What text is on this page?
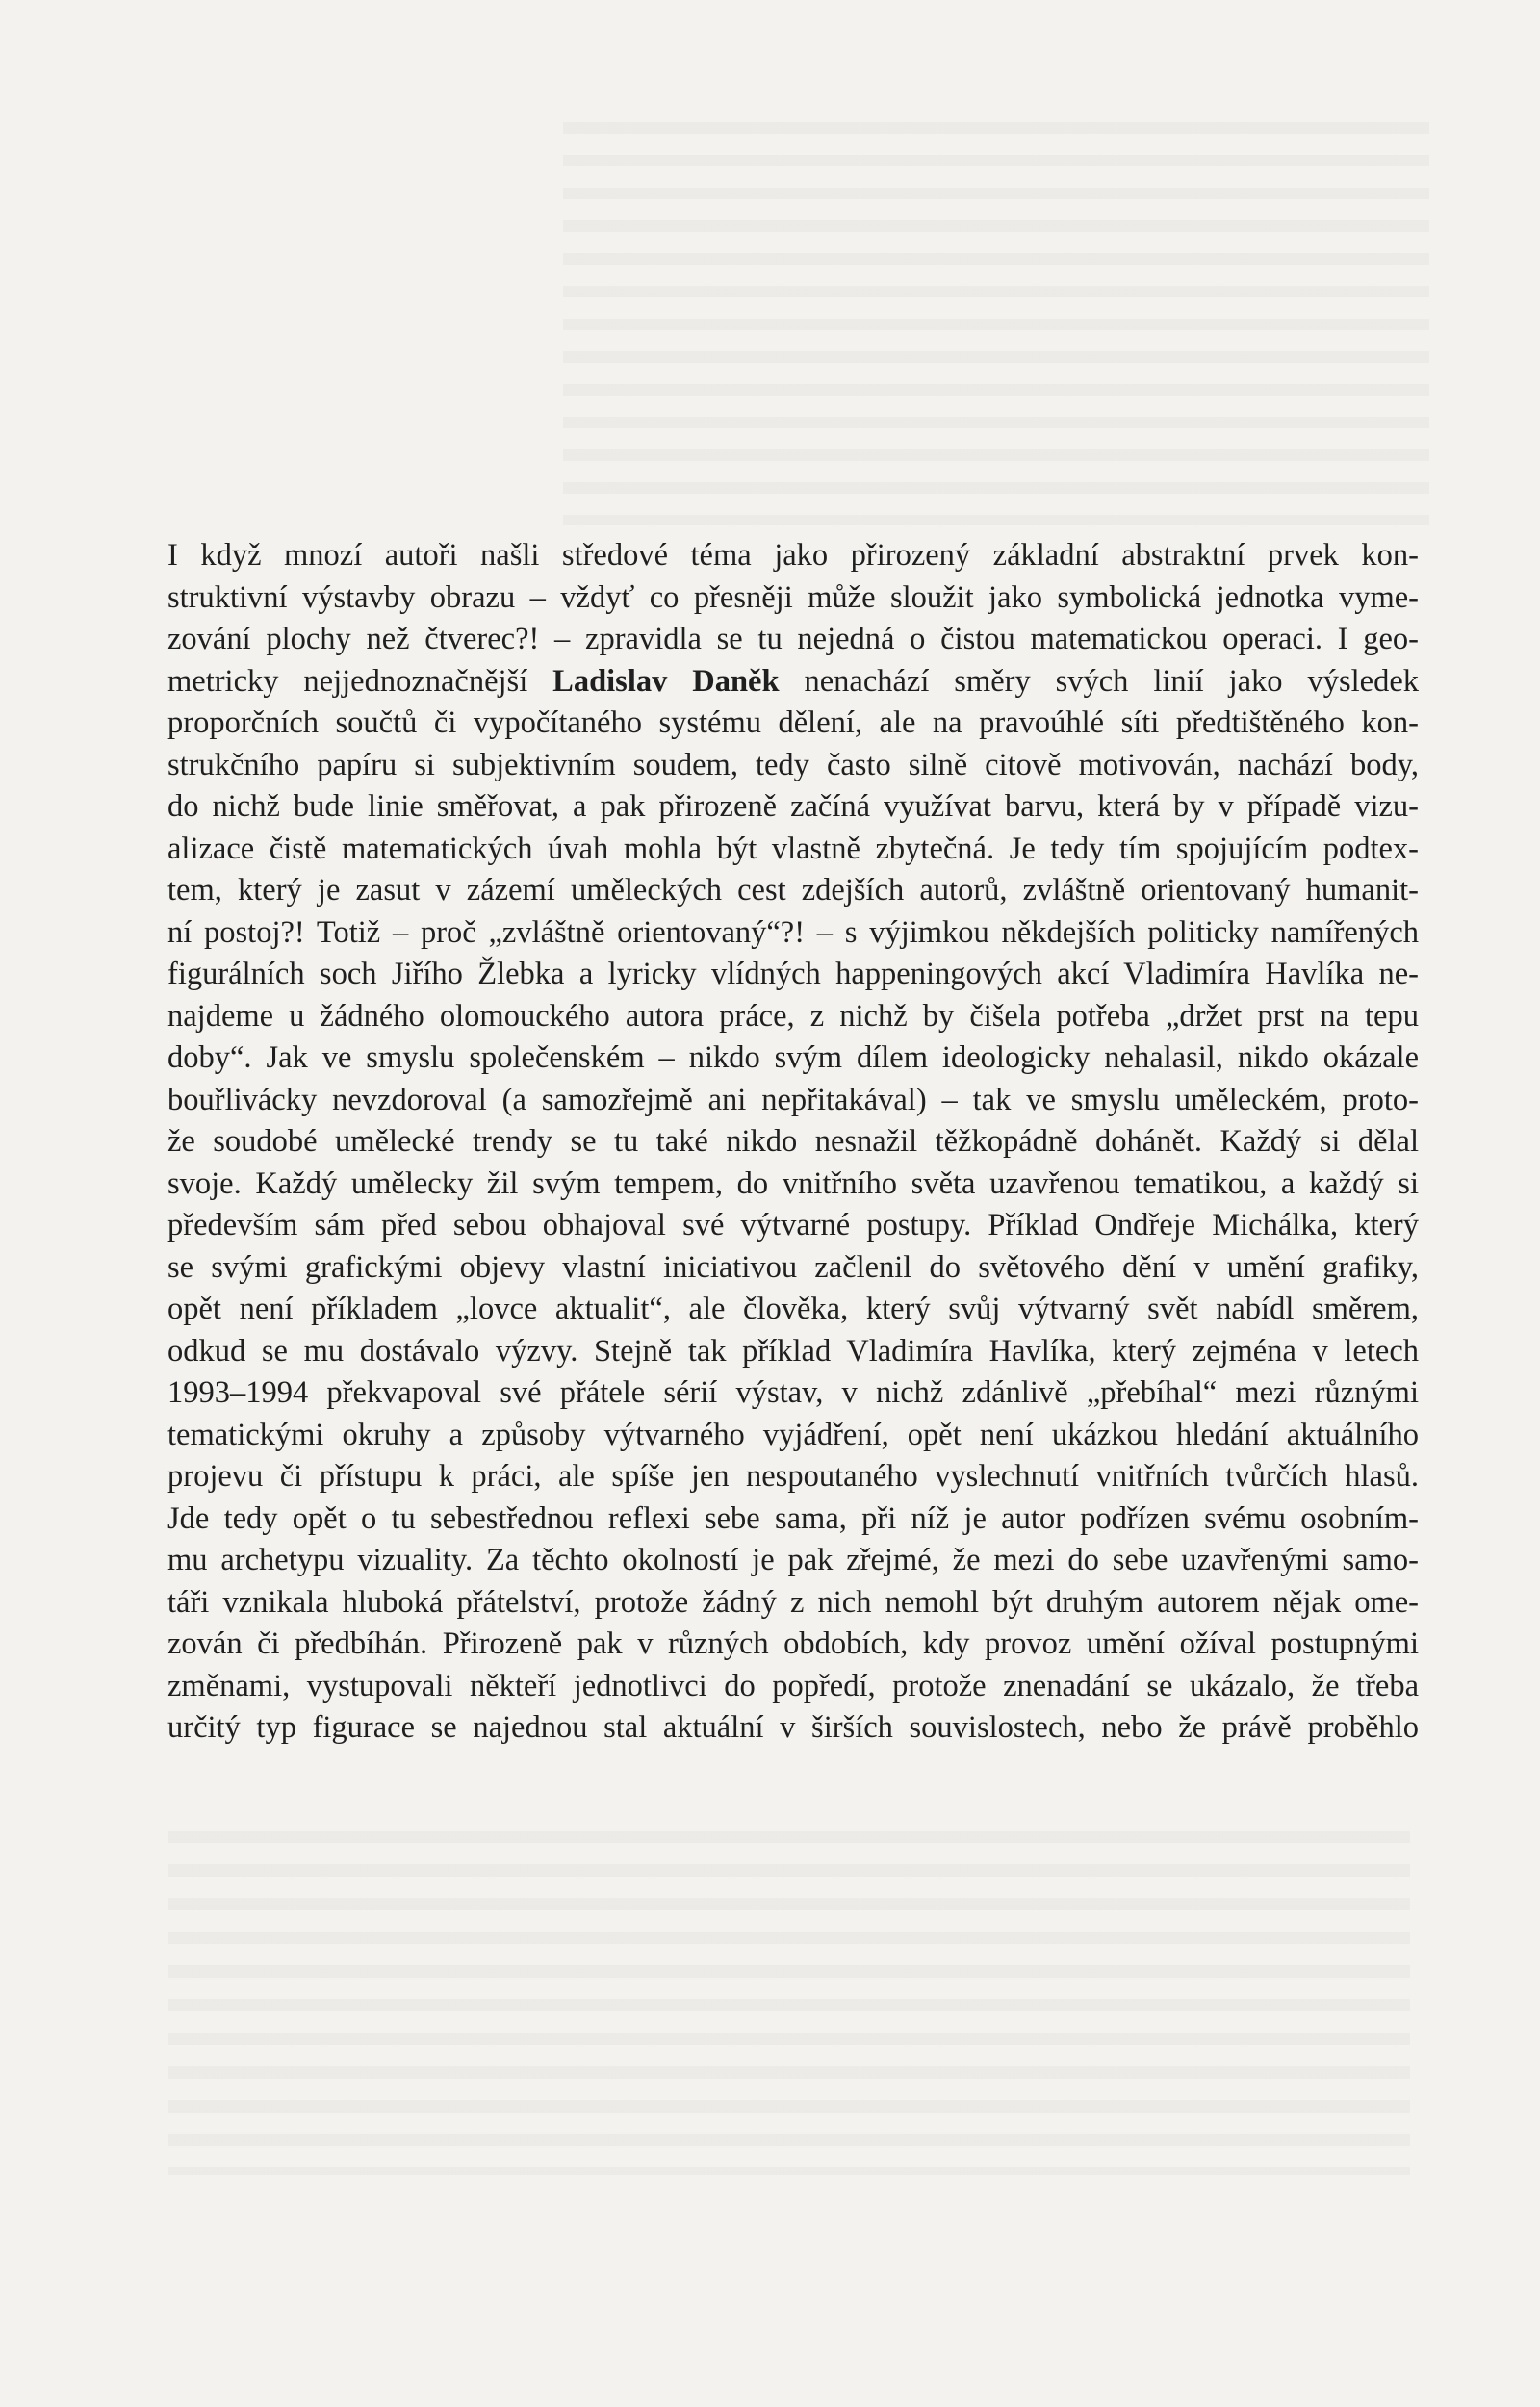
I když mnozí autoři našli středové téma jako přirozený základní abstraktní prvek kon-
struktivní výstavby obrazu – vždyť co přesněji může sloužit jako symbolická jednotka vyme-
zování plochy než čtverec?! – zpravidla se tu nejedná o čistou matematickou operaci. I geo-
metricky nejjednoznačnější Ladislav Daněk nenachází směry svých linií jako výsledek
proporčních součtů či vypočítaného systému dělení, ale na pravoúhlé síti předtištěného kon-
strukčního papíru si subjektivním soudem, tedy často silně citově motivován, nachází body,
do nichž bude linie směřovat, a pak přirozeně začíná využívat barvu, která by v případě vizu-
alizace čistě matematických úvah mohla být vlastně zbytečná. Je tedy tím spojujícím podtex-
tem, který je zasut v zázemí uměleckých cest zdejších autorů, zvláštně orientovaný humanit-
ní postoj?! Totiž – proč „zvláštně orientovaný“?! – s výjimkou někdejších politicky namířených
figurálních soch Jiřího Žlebka a lyricky vlídných happeningových akcí Vladimíra Havlíka ne-
najdeme u žádného olomouckého autora práce, z nichž by čišela potřeba „držet prst na tepu
doby“. Jak ve smyslu společenském – nikdo svým dílem ideologicky nehalasil, nikdo okázale
bouřlivácky nevzdoroval (a samozřejmě ani nepřitakával) – tak ve smyslu uměleckém, proto-
že soudobé umělecké trendy se tu také nikdo nesnažil těžkopádně dohánět. Každý si dělal
svoje. Každý umělecky žil svým tempem, do vnitřního světa uzavřenou tematikou, a každý si
především sám před sebou obhajoval své výtvarné postupy. Příklad Ondřeje Michálka, který
se svými grafickými objevy vlastní iniciativou začlenil do světového dění v umění grafiky,
opět není příkladem „lovce aktualit“, ale člověka, který svůj výtvarný svět nabídl směrem,
odkud se mu dostávalo výzvy. Stejně tak příklad Vladimíra Havlíka, který zejména v letech
1993–1994 překvapoval své přátele sérií výstav, v nichž zdánlivě „přebíhal“ mezi různými
tematickými okruhy a způsoby výtvarného vyjádření, opět není ukázkou hledání aktuálního
projevu či přístupu k práci, ale spíše jen nespoutaného vyslechnutí vnitřních tvůrčích hlasů.
Jde tedy opět o tu sebestřednou reflexi sebe sama, při níž je autor podřízen svému osobním-
mu archetypu vizuality. Za těchto okolností je pak zřejmé, že mezi do sebe uzavřenými samo-
táři vznikala hluboká přátelství, protože žádný z nich nemohl být druhým autorem nějak ome-
zován či předbíhán. Přirozeně pak v různých obdobích, kdy provoz umění ožíval postupnými
změnami, vystupovali někteří jednotlivci do popředí, protože znenadání se ukázalo, že třeba
určitý typ figurace se najednou stal aktuální v širších souvislostech, nebo že právě proběhlo
